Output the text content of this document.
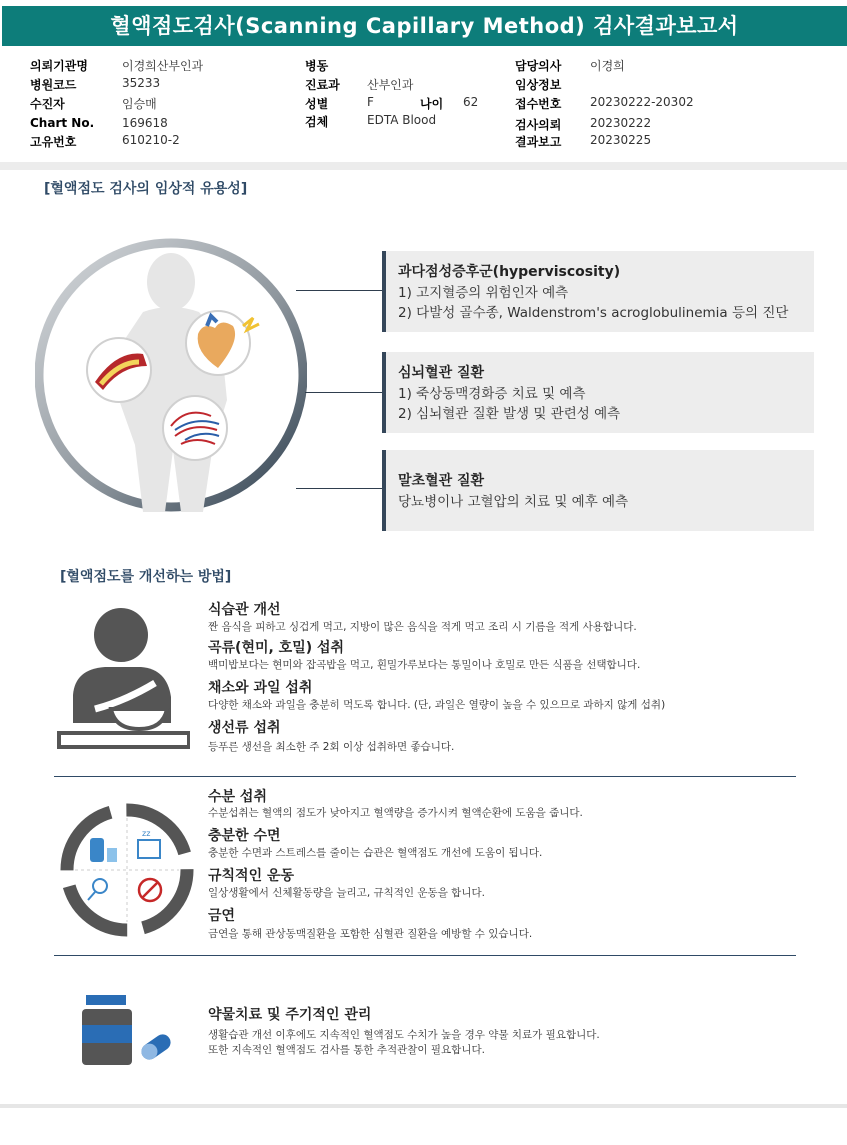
혈액점도검사(Scanning Capillary Method) 검사결과보고서
의뢰기관명	이경희산부인과
병원코드	35233
수진자	임승매
Chart No.	169618
고유번호	610210-2
병동
진료과	산부인과
성별	F	나이	62
검체	EDTA Blood
담당의사	이경희
임상정보
접수번호	20230222-20302
검사의뢰	20230222
결과보고	20230225
[혈액점도 검사의 임상적 유용성]
과다점성증후군(hyperviscosity)
1) 고지혈증의 위험인자 예측
2) 다발성 골수종, Waldenstrom's acroglobulinemia 등의 진단
심뇌혈관 질환
1) 죽상동맥경화증 치료 및 예측
2) 심뇌혈관 질환 발생 및 관련성 예측
말초혈관 질환
당뇨병이나 고혈압의 치료 및 예후 예측
[혈액점도를 개선하는 방법]
식습관 개선
짠 음식을 피하고 싱겁게 먹고, 지방이 많은 음식을 적게 먹고 조리 시 기름을 적게 사용합니다.
곡류(현미, 호밀) 섭취
백미밥보다는 현미와 잡곡밥을 먹고, 흰밀가루보다는 통밀이나 호밀로 만든 식품을 선택합니다.
채소와 과일 섭취
다양한 채소와 과일을 충분히 먹도록 합니다. (단, 과일은 열량이 높을 수 있으므로 과하지 않게 섭취)
생선류 섭취
등푸른 생선을 최소한 주 2회 이상 섭취하면 좋습니다.
zz
수분 섭취
수분섭취는 혈액의 점도가 낮아지고 혈액량을 증가시켜 혈액순환에 도움을 줍니다.
충분한 수면
충분한 수면과 스트레스를 줄이는 습관은 혈액점도 개선에 도움이 됩니다.
규칙적인 운동
일상생활에서 신체활동량을 늘리고, 규칙적인 운동을 합니다.
금연
금연을 통해 관상동맥질환을 포함한 심혈관 질환을 예방할 수 있습니다.
약물치료 및 주기적인 관리
생활습관 개선 이후에도 지속적인 혈액점도 수치가 높을 경우 약물 치료가 필요합니다.
또한 지속적인 혈액점도 검사를 통한 추적관찰이 필요합니다.
